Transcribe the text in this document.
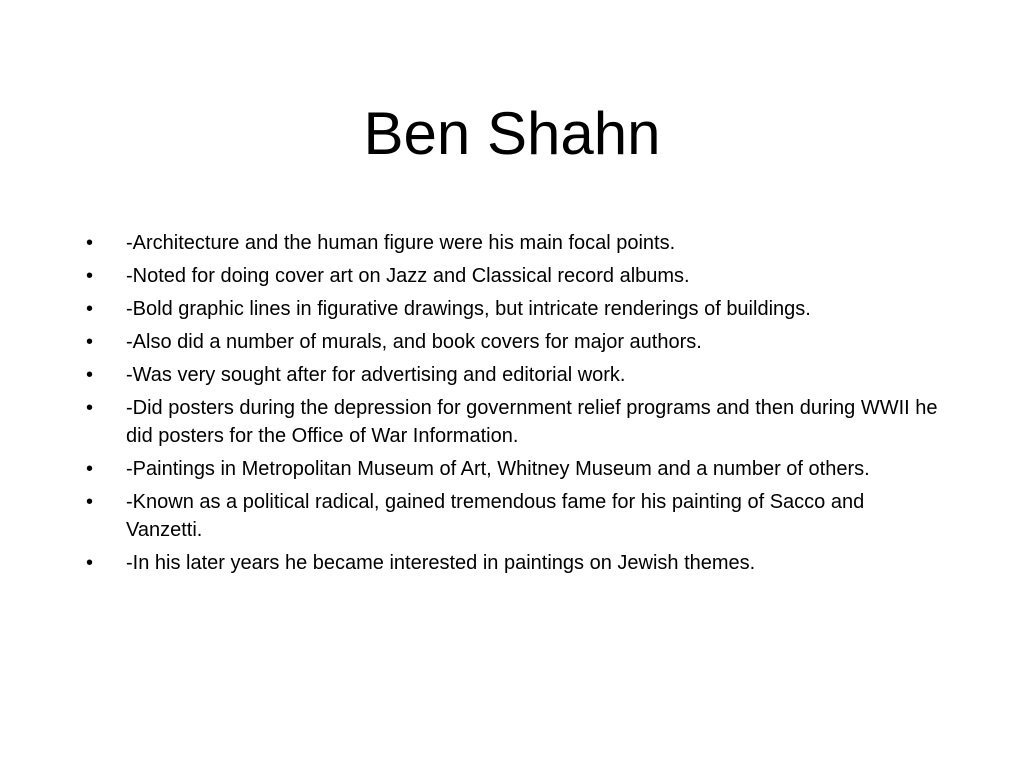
Ben Shahn
•	-Architecture and the human figure were his main focal points.
•	-Noted for doing cover art on Jazz and Classical record albums.
•	-Bold graphic lines in figurative drawings, but intricate renderings of buildings.
•	-Also did a number of murals, and book covers for major authors.
•	-Was very sought after for advertising and editorial work.
•	-Did posters during the depression for government relief programs and then during WWII he did posters for the Office of War Information.
•	-Paintings in Metropolitan Museum of Art, Whitney Museum and a number of others.
•	-Known as a political radical, gained tremendous fame for his painting of Sacco and Vanzetti.
•	-In his later years he became interested in paintings on Jewish themes.
